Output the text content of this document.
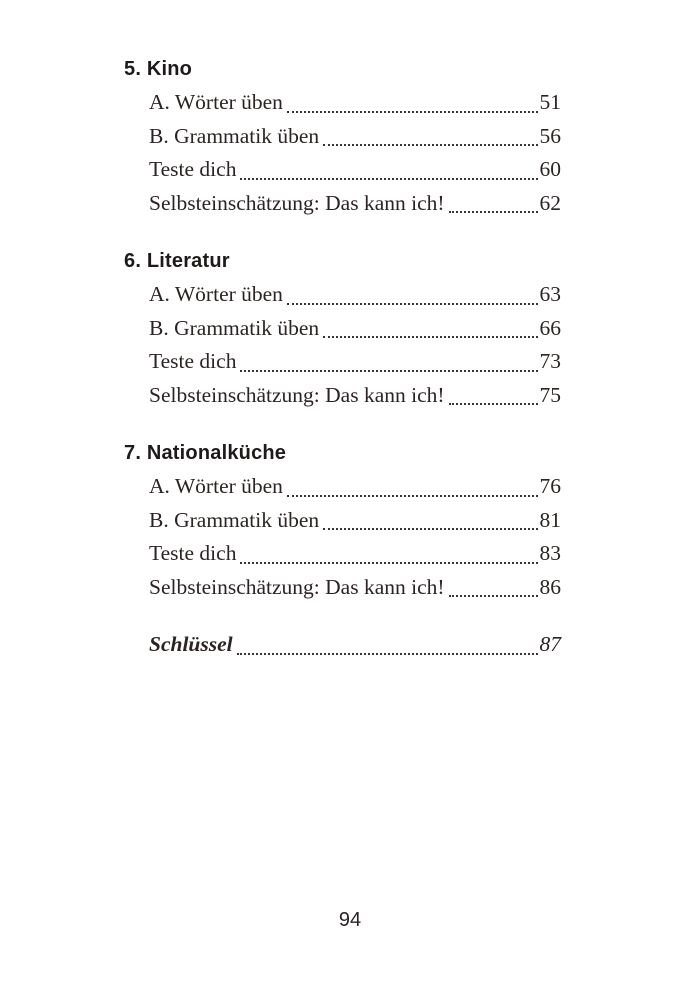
5. Kino
A. Wörter üben	51
B. Grammatik üben	56
Teste dich	60
Selbsteinschätzung: Das kann ich!	62
6. Literatur
A. Wörter üben	63
B. Grammatik üben	66
Teste dich	73
Selbsteinschätzung: Das kann ich!	75
7. Nationalküche
A. Wörter üben	76
B. Grammatik üben	81
Teste dich	83
Selbsteinschätzung: Das kann ich!	86
Schlüssel	87
94
